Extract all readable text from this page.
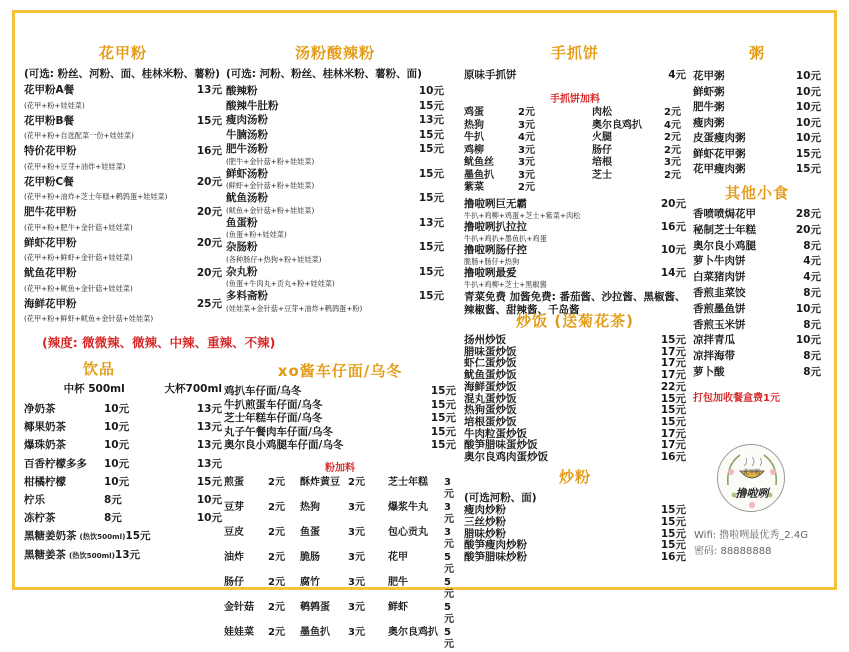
花甲粉
(可选: 粉丝、河粉、面、桂林米粉、薯粉)
花甲粉A餐	13元
(花甲+粉+娃娃菜)
花甲粉B餐	15元
(花甲+粉+自选配菜一份+娃娃菜)
特价花甲粉	16元
(花甲+粉+豆芽+油炸+娃娃菜)
花甲粉C餐	20元
(花甲+粉+油炸+芝士年糕+鹌鹑蛋+娃娃菜)
肥牛花甲粉	20元
(花甲+粉+肥牛+金针菇+娃娃菜)
鲜虾花甲粉	20元
(花甲+粉+鲜虾+金针菇+娃娃菜)
鱿鱼花甲粉	20元
(花甲+粉+鱿鱼+金针菇+娃娃菜)
海鲜花甲粉	25元
(花甲+粉+鲜虾+鱿鱼+金针菇+娃娃菜)
(辣度: 微微辣、微辣、中辣、重辣、不辣)
饮品
中杯 500ml	大杯700ml
净奶茶	10元	13元
椰果奶茶	10元	13元
爆珠奶茶	10元	13元
百香柠檬多多 10元	13元
柑橘柠檬	10元	15元
柠乐	8元	10元
冻柠茶	8元	10元
黑糖姜奶茶 (热饮500ml) 15元
黑糖姜茶 (热饮500ml) 13元
汤粉酸辣粉
(可选: 河粉、粉丝、桂林米粉、薯粉、面)
酸辣粉	10元
酸辣牛肚粉	15元
瘦肉汤粉	13元
牛腩汤粉	15元
肥牛汤粉	15元
(肥牛+金针菇+粉+娃娃菜)
鲜虾汤粉	15元
(鲜虾+金针菇+粉+娃娃菜)
鱿鱼汤粉	15元
(鱿鱼+金针菇+粉+娃娃菜)
鱼蛋粉	13元
(鱼蛋+粉+娃娃菜)
杂肠粉	15元
(各种肠仔+热狗+粉+娃娃菜)
杂丸粉	15元
(鱼蛋+牛肉丸+贡丸+粉+娃娃菜)
多料斋粉	15元
(娃娃菜+金针菇+豆芽+油炸+鹌鹑蛋+粉)
xo酱车仔面/乌冬
鸡扒车仔面/乌冬	15元
牛扒煎蛋车仔面/乌冬	15元
芝士年糕车仔面/乌冬	15元
丸子午餐肉车仔面/乌冬	15元
奥尔良小鸡腿车仔面/乌冬	15元
粉加料
煎蛋	2元	酥炸黄豆 2元	芝士年糕	3元
豆芽	2元	热狗	3元	爆浆牛丸	3元
豆皮	2元	鱼蛋	3元	包心贡丸	3元
油炸	2元	脆肠	3元	花甲	5元
肠仔	2元	腐竹	3元	肥牛	5元
金针菇	2元	鹌鹑蛋	3元	鲜虾	5元
娃娃菜	2元	墨鱼扒	3元	奥尔良鸡扒 5元
手抓饼
原味手抓饼	4元
手抓饼加料
鸡蛋	2元	肉松	2元
热狗	3元	奥尔良鸡扒	4元
牛扒	4元	火腿	2元
鸡柳	3元	肠仔	2元
鱿鱼丝	3元	培根	3元
墨鱼扒	3元	芝士	2元
紫菜	2元
撸啦咧巨无霸	20元
牛扒+鸡柳+鸡蛋+芝士+紫菜+肉松
撸啦咧扒拉拉	16元
牛扒+鸡扒+墨鱼扒+鸡蛋
撸啦咧肠仔控	10元
脆肠+肠仔+热狗
撸啦咧最爱	14元
牛扒+鸡柳+芝士+黑椒酱
青菜免费 加酱免费: 番茄酱、沙拉酱、黑椒酱、辣椒酱、甜辣酱、千岛酱
炒饭 (送菊花茶)
扬州炒饭	15元
腊味蛋炒饭	17元
虾仁蛋炒饭	17元
鱿鱼蛋炒饭	17元
海鲜蛋炒饭	22元
混丸蛋炒饭	15元
热狗蛋炒饭	15元
培根蛋炒饭	15元
牛肉粒蛋炒饭	17元
酸笋腊味蛋炒饭	17元
奥尔良鸡肉蛋炒饭	16元
炒粉
(可选河粉、面)
瘦肉炒粉	15元
三丝炒粉	15元
腊味炒粉	15元
酸笋瘦肉炒粉	15元
酸笋腊味炒粉	16元
粥
花甲粥	10元
鲜虾粥	10元
肥牛粥	10元
瘦肉粥	10元
皮蛋瘦肉粥	10元
鲜虾花甲粥	15元
花甲瘦肉粥	15元
其他小食
香喷喷焗花甲	28元
秘制芝士年糕	20元
奥尔良小鸡腿	8元
萝卜牛肉饼	4元
白菜猪肉饼	4元
香煎韭菜饺	8元
香煎墨鱼饼	10元
香煎玉米饼	8元
凉拌青瓜	10元
凉拌海带	8元
萝卜酸	8元
打包加收餐盒费1元
花甲粉
撸啦咧
Wifi: 撸啦咧最优秀_2.4G
密码: 88888888
